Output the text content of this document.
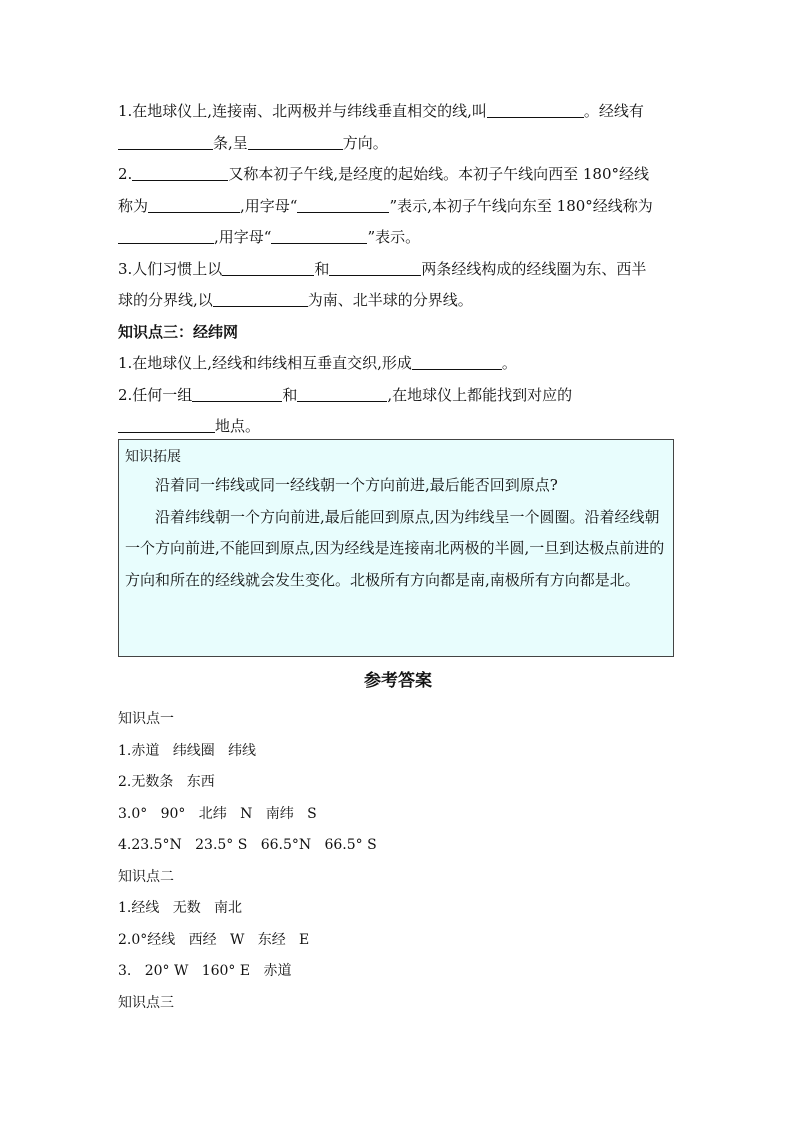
1.在地球仪上,连接南、北两极并与纬线垂直相交的线,叫	。经线有
条,呈	方向。
2.	又称本初子午线,是经度的起始线。本初子午线向西至 180°经线
称为	,用字母“	”表示,本初子午线向东至 180°经线称为
,用字母“	”表示。
3.人们习惯上以	和	两条经线构成的经线圈为东、西半
球的分界线,以	为南、北半球的分界线。
知识点三：经纬网
1.在地球仪上,经线和纬线相互垂直交织,形成	。
2.任何一组	和	,在地球仪上都能找到对应的
地点。
知识拓展
沿着同一纬线或同一经线朝一个方向前进,最后能否回到原点?
沿着纬线朝一个方向前进,最后能回到原点,因为纬线呈一个圆圈。沿着经线朝一个方向前进,不能回到原点,因为经线是连接南北两极的半圆,一旦到达极点前进的方向和所在的经线就会发生变化。北极所有方向都是南,南极所有方向都是北。
参考答案
知识点一
1.赤道   纬线圈   纬线
2.无数条   东西
3.0°   90°   北纬   N   南纬   S
4.23.5°N   23.5° S   66.5°N   66.5° S
知识点二
1.经线   无数   南北
2.0°经线   西经   W   东经   E
3.   20° W   160° E   赤道
知识点三
